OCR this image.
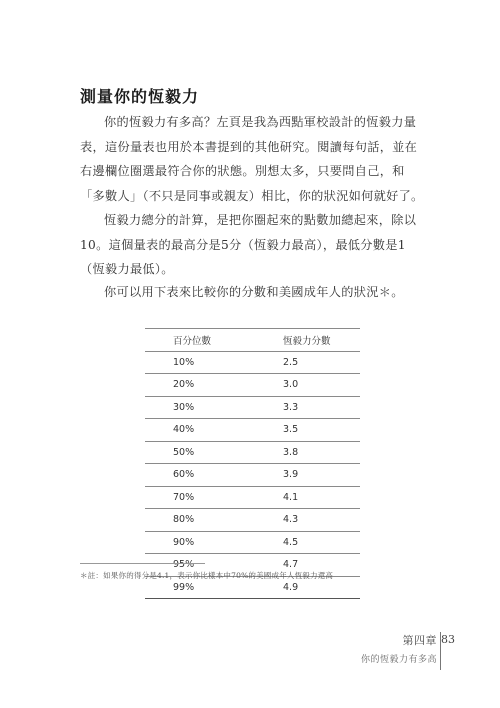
測量你的恆毅力

你的恆毅力有多高？左頁是我為西點軍校設計的恆毅力量表，這份量表也用於本書提到的其他研究。閱讀每句話，並在右邊欄位圈選最符合你的狀態。別想太多，只要問自己，和「多數人」（不只是同事或親友）相比，你的狀況如何就好了。

恆毅力總分的計算，是把你圈起來的點數加總起來，除以10。這個量表的最高分是5分（恆毅力最高），最低分數是1（恆毅力最低）。

你可以用下表來比較你的分數和美國成年人的狀況＊。

百分位數	恆毅力分數
10%	2.5
20%	3.0
30%	3.3
40%	3.5
50%	3.8
60%	3.9
70%	4.1
80%	4.3
90%	4.5
95%	4.7
99%	4.9
＊註：如果你的得分是4.1，表示你比樣本中70%的美國成年人恆毅力還高
第四章
你的恆毅力有多高
83
